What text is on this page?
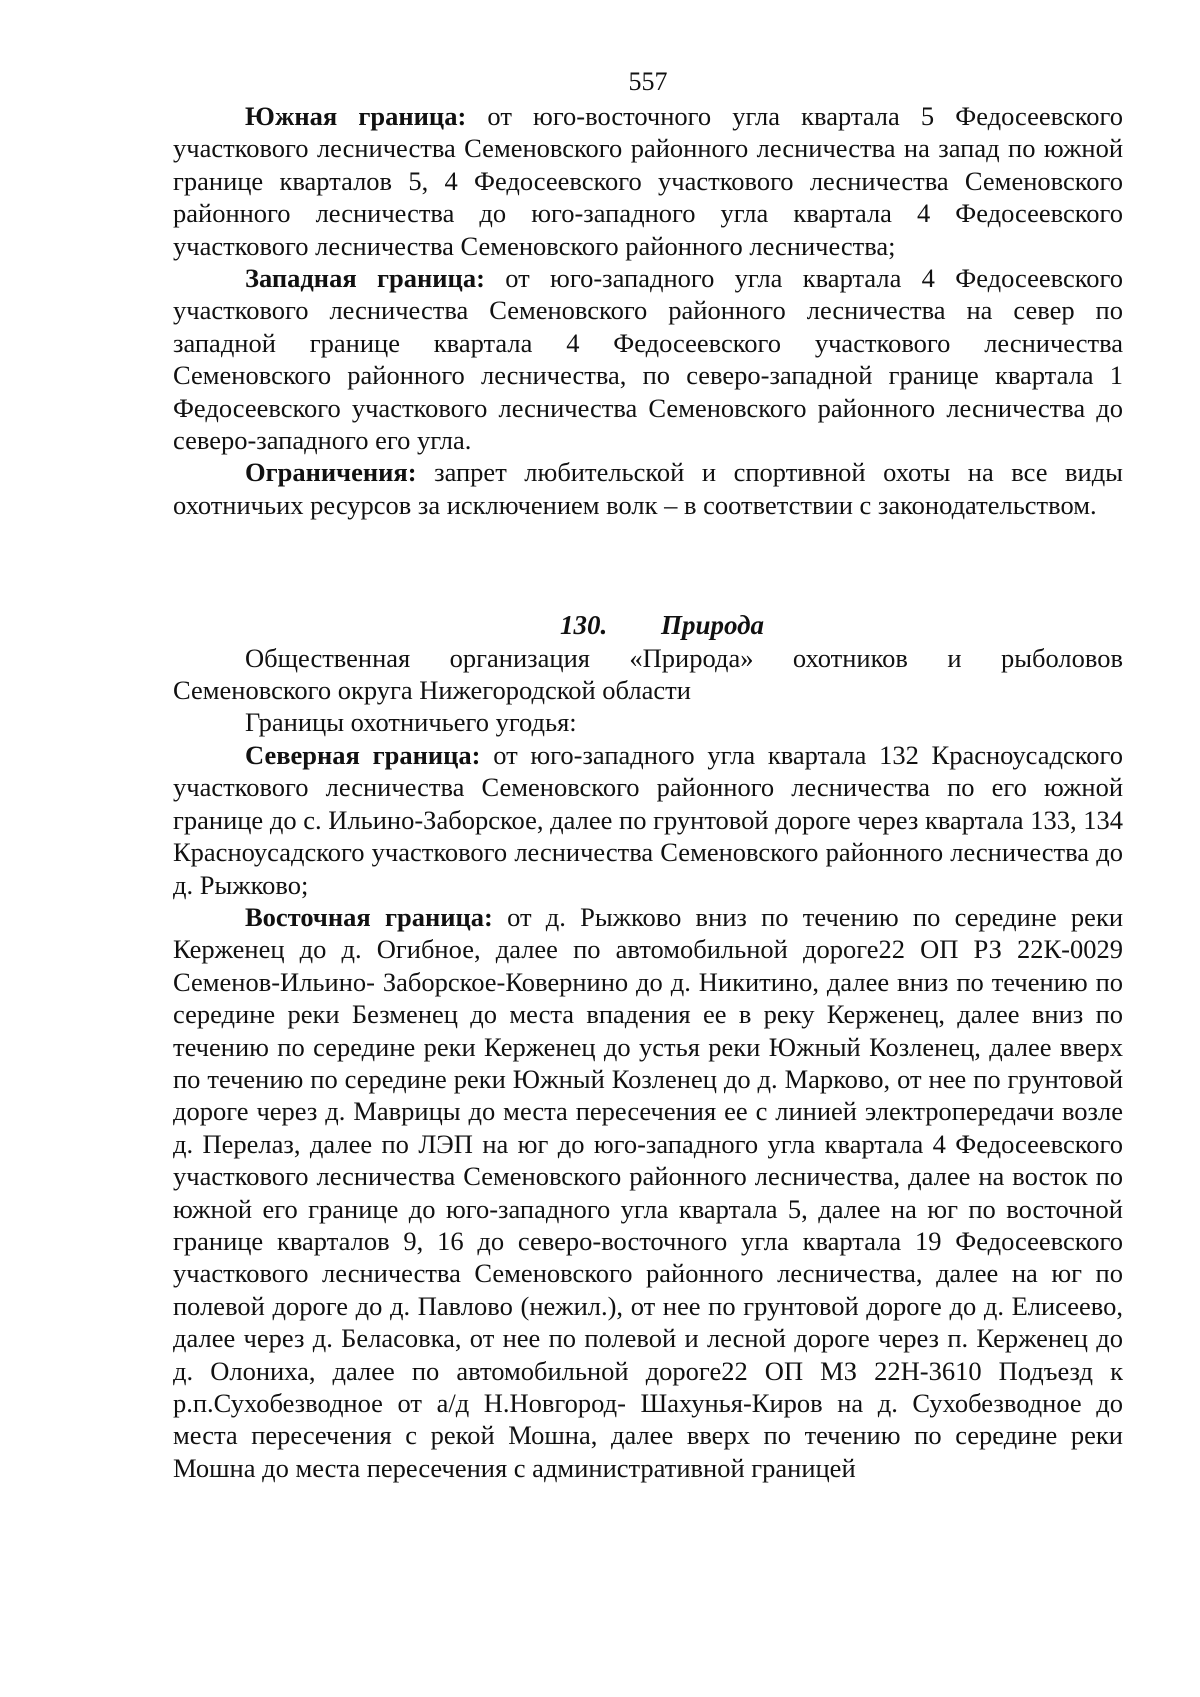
557

Южная граница: от юго-восточного угла квартала 5 Федосеевского участкового лесничества Семеновского районного лесничества на запад по южной границе кварталов 5, 4 Федосеевского участкового лесничества Семеновского районного лесничества до юго-западного угла квартала 4 Федосеевского участкового лесничества Семеновского районного лесничества;

Западная граница: от юго-западного угла квартала 4 Федосеевского участкового лесничества Семеновского районного лесничества на север по западной границе квартала 4 Федосеевского участкового лесничества Семеновского районного лесничества, по северо-западной границе квартала 1 Федосеевского участкового лесничества Семеновского районного лесничества до северо-западного его угла.

Ограничения: запрет любительской и спортивной охоты на все виды охотничьих ресурсов за исключением волк – в соответствии с законодательством.

130. Природа

Общественная организация «Природа» охотников и рыболовов Семеновского округа Нижегородской области

Границы охотничьего угодья:

Северная граница: от юго-западного угла квартала 132 Красноусадского участкового лесничества Семеновского районного лесничества по его южной границе до с. Ильино-Заборское, далее по грунтовой дороге через квартала 133, 134 Красноусадского участкового лесничества Семеновского районного лесничества до д. Рыжково;

Восточная граница: от д. Рыжково вниз по течению по середине реки Керженец до д. Огибное, далее по автомобильной дороге22 ОП РЗ 22К-0029 Семенов-Ильино- Заборское-Ковернино до д. Никитино, далее вниз по течению по середине реки Безменец до места впадения ее в реку Керженец, далее вниз по течению по середине реки Керженец до устья реки Южный Козленец, далее вверх по течению по середине реки Южный Козленец до д. Марково, от нее по грунтовой дороге через д. Маврицы до места пересечения ее с линией электропередачи возле д. Перелаз, далее по ЛЭП на юг до юго-западного угла квартала 4 Федосеевского участкового лесничества Семеновского районного лесничества, далее на восток по южной его границе до юго-западного угла квартала 5, далее на юг по восточной границе кварталов 9, 16 до северо-восточного угла квартала 19 Федосеевского участкового лесничества Семеновского районного лесничества, далее на юг по полевой дороге до д. Павлово (нежил.), от нее по грунтовой дороге до д. Елисеево, далее через д. Беласовка, от нее по полевой и лесной дороге через п. Керженец до д. Олониха, далее по автомобильной дороге22 ОП МЗ 22Н-3610 Подъезд к р.п.Сухобезводное от а/д Н.Новгород- Шахунья-Киров на д. Сухобезводное до места пересечения с рекой Мошна, далее вверх по течению по середине реки Мошна до места пересечения с административной границей
